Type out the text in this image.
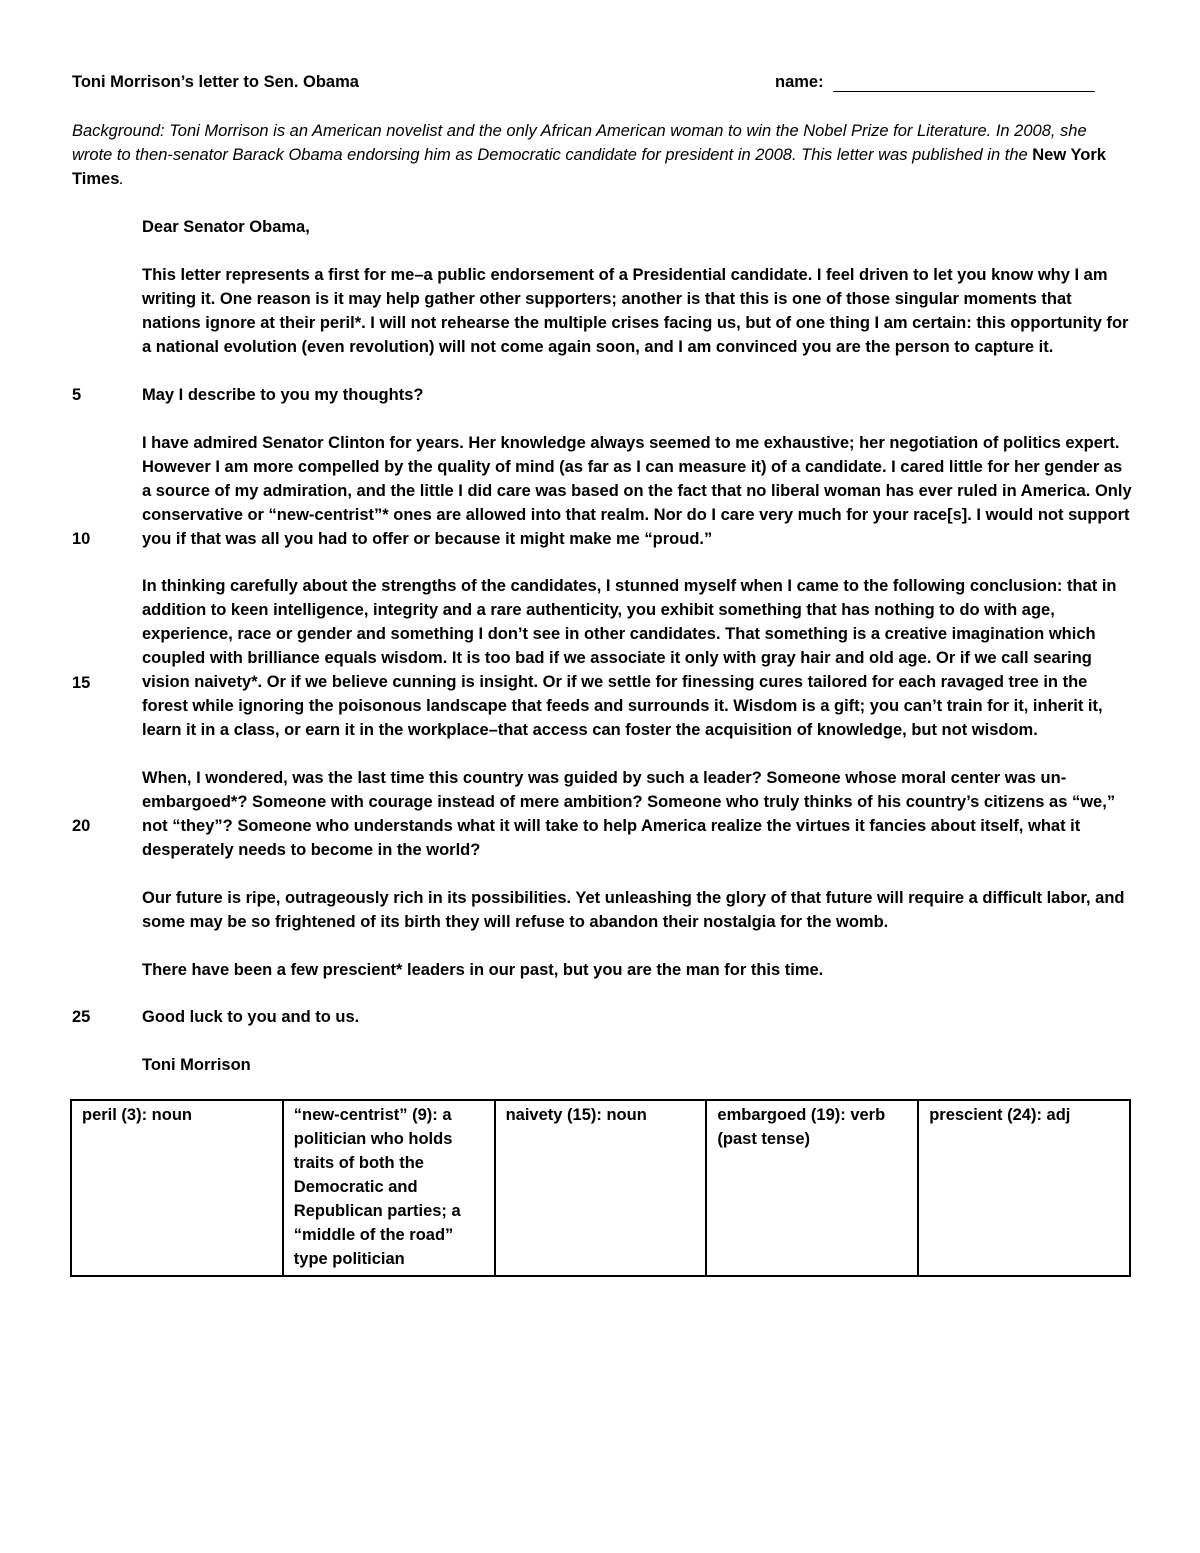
Toni Morrison’s letter to Sen. Obama	name:
Background: Toni Morrison is an American novelist and the only African American woman to win the Nobel Prize for Literature. In 2008, she wrote to then-senator Barack Obama endorsing him as Democratic candidate for president in 2008. This letter was published in the New York Times.
Dear Senator Obama,
This letter represents a first for me–a public endorsement of a Presidential candidate. I feel driven to let you know why I am writing it. One reason is it may help gather other supporters; another is that this is one of those singular moments that nations ignore at their peril*. I will not rehearse the multiple crises facing us, but of one thing I am certain: this opportunity for a national evolution (even revolution) will not come again soon, and I am convinced you are the person to capture it.
May I describe to you my thoughts?
I have admired Senator Clinton for years. Her knowledge always seemed to me exhaustive; her negotiation of politics expert. However I am more compelled by the quality of mind (as far as I can measure it) of a candidate. I cared little for her gender as a source of my admiration, and the little I did care was based on the fact that no liberal woman has ever ruled in America. Only conservative or “new-centrist”* ones are allowed into that realm. Nor do I care very much for your race[s]. I would not support you if that was all you had to offer or because it might make me “proud.”
In thinking carefully about the strengths of the candidates, I stunned myself when I came to the following conclusion: that in addition to keen intelligence, integrity and a rare authenticity, you exhibit something that has nothing to do with age, experience, race or gender and something I don’t see in other candidates. That something is a creative imagination which coupled with brilliance equals wisdom. It is too bad if we associate it only with gray hair and old age. Or if we call searing vision naivety*. Or if we believe cunning is insight. Or if we settle for finessing cures tailored for each ravaged tree in the forest while ignoring the poisonous landscape that feeds and surrounds it. Wisdom is a gift; you can’t train for it, inherit it, learn it in a class, or earn it in the workplace–that access can foster the acquisition of knowledge, but not wisdom.
When, I wondered, was the last time this country was guided by such a leader? Someone whose moral center was un-embargoed*? Someone with courage instead of mere ambition? Someone who truly thinks of his country’s citizens as “we,” not “they”? Someone who understands what it will take to help America realize the virtues it fancies about itself, what it desperately needs to become in the world?
Our future is ripe, outrageously rich in its possibilities. Yet unleashing the glory of that future will require a difficult labor, and some may be so frightened of its birth they will refuse to abandon their nostalgia for the womb.
There have been a few prescient* leaders in our past, but you are the man for this time.
Good luck to you and to us.
Toni Morrison
5
10
15
20
25
peril (3): noun	“new-centrist” (9): a politician who holds traits of both the Democratic and Republican parties; a “middle of the road” type politician	naivety (15): noun	embargoed (19): verb (past tense)	prescient (24): adj
